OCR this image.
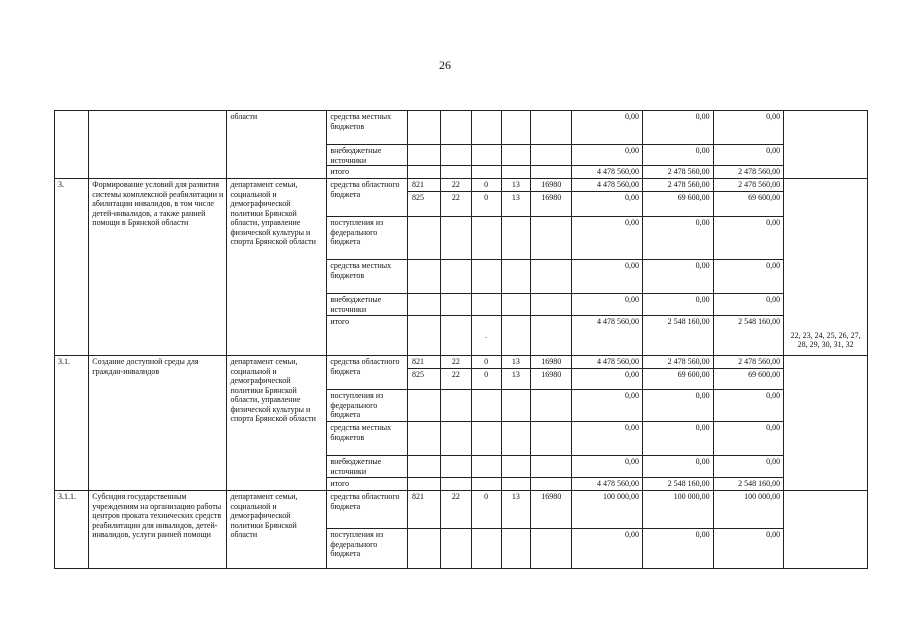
26
		области	средства местных бюджетов						0,00	0,00	0,00	
			внебюджетные источники						0,00	0,00	0,00	
			итого						4 478 560,00	2 478 560,00	2 478 560,00	
3.	Формирование условий для развития системы комплексной реабилитации и абилитации инвалидов, в том числе детей-инвалидов, а также ранней помощи в Брянской области	департамент семьи, социальной и демографической политики Брянской области, управление физической культуры и спорта Брянской области	средства областного бюджета	821	22	0	13	16980	4 478 560,00	2 478 560,00	2 478 560,00	
				825	22	0	13	16980	0,00	69 600,00	69 600,00	
			поступления из федерального бюджета						0,00	0,00	0,00	
			средства местных бюджетов						0,00	0,00	0,00	
			внебюджетные источники						0,00	0,00	0,00	
			итого			.			4 478 560,00	2 548 160,00	2 548 160,00	
												22, 23, 24, 25, 26, 27, 28, 29, 30, 31, 32
3.1.	Создание доступной среды для граждан-инвалидов	департамент семьи, социальной и демографической политики Брянской области, управление физической культуры и спорта Брянской области	средства областного бюджета	821	22	0	13	16980	4 478 560,00	2 478 560,00	2 478 560,00	
				825	22	0	13	16980	0,00	69 600,00	69 600,00	
			поступления из федерального бюджета						0,00	0,00	0,00	
			средства местных бюджетов						0,00	0,00	0,00	
			внебюджетные источники						0,00	0,00	0,00	
			итого						4 478 560,00	2 548 160,00	2 548 160,00	

3.1.1.	Субсидия государственным учреждениям на организацию работы центров проката технических средств реабилитации для инвалидов, детей-инвалидов, услуги ранней помощи	департамент семьи, социальной и демографической политики Брянской области	средства областного бюджета	821	22	0	13	16980	100 000,00	100 000,00	100 000,00	
			поступления из федерального бюджета						0,00	0,00	0,00	
